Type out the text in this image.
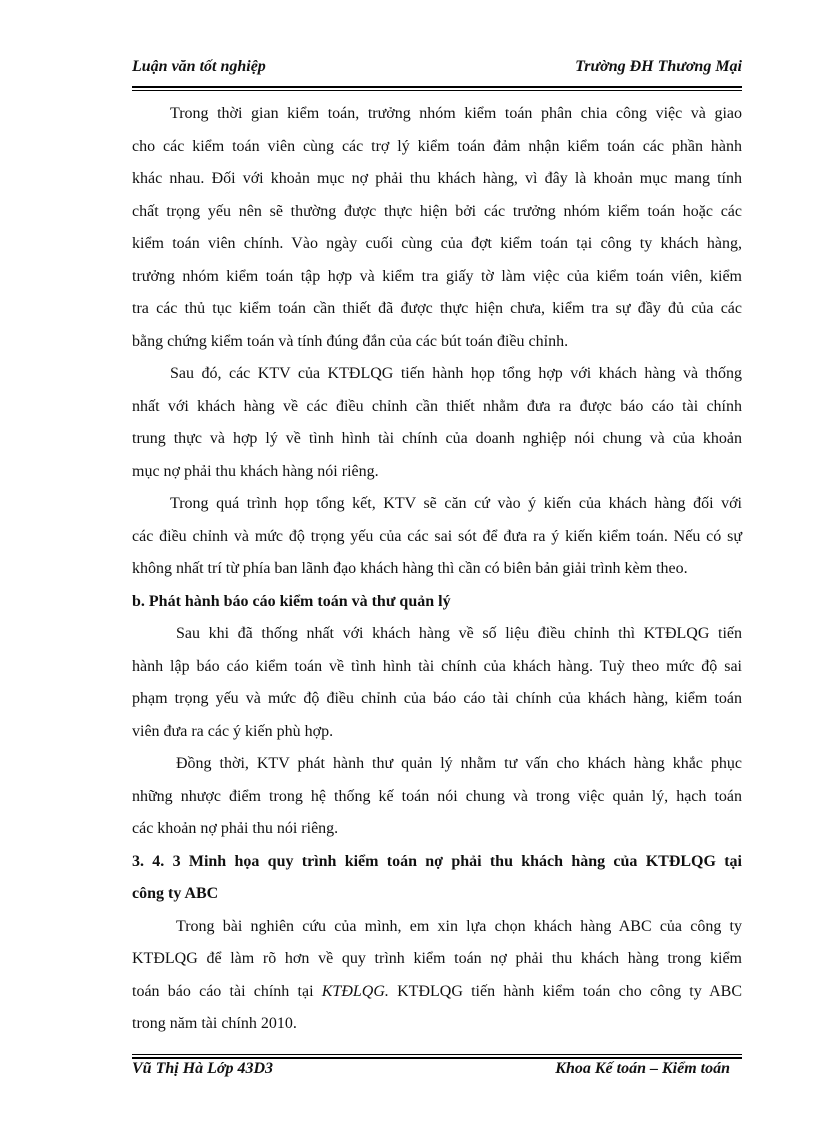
Luận văn tốt nghiệp	Trường ĐH Thương Mại
Trong thời gian kiểm toán, trưởng nhóm kiểm toán phân chia công việc và giao
cho các kiểm toán viên cùng các trợ lý kiểm toán đảm nhận kiểm toán các phần hành
khác nhau. Đối với khoản mục nợ phải thu khách hàng, vì đây là khoản mục mang tính
chất trọng yếu nên sẽ thường được thực hiện bởi các trưởng nhóm kiểm toán hoặc các
kiểm toán viên chính. Vào ngày cuối cùng của đợt kiểm toán tại công ty khách hàng,
trưởng nhóm kiểm toán tập hợp và kiểm tra giấy tờ làm việc của kiểm toán viên, kiểm
tra các thủ tục kiểm toán cần thiết đã được thực hiện chưa, kiểm tra sự đầy đủ của các
bằng chứng kiểm toán và tính đúng đắn của các bút toán điều chỉnh.
Sau đó, các KTV của KTĐLQG tiến hành họp tổng hợp với khách hàng và thống
nhất với khách hàng về các điều chỉnh cần thiết nhằm đưa ra được báo cáo tài chính
trung thực và hợp lý về tình hình tài chính của doanh nghiệp nói chung và của khoản
mục nợ phải thu khách hàng nói riêng.
Trong quá trình họp tổng kết, KTV sẽ căn cứ vào ý kiến của khách hàng đối với
các điều chỉnh và mức độ trọng yếu của các sai sót để đưa ra ý kiến kiểm toán. Nếu có sự
không nhất trí từ phía ban lãnh đạo khách hàng thì cần có biên bản giải trình kèm theo.
b. Phát hành báo cáo kiểm toán và thư quản lý
Sau khi đã thống nhất với khách hàng về số liệu điều chỉnh thì KTĐLQG tiến
hành lập báo cáo kiểm toán về tình hình tài chính của khách hàng. Tuỳ theo mức độ sai
phạm trọng yếu và mức độ điều chỉnh của báo cáo tài chính của khách hàng, kiểm toán
viên đưa ra các ý kiến phù hợp.
Đồng thời, KTV phát hành thư quản lý nhằm tư vấn cho khách hàng khắc phục
những nhược điểm trong hệ thống kế toán nói chung và trong việc quản lý, hạch toán
các khoản nợ phải thu nói riêng.
3. 4. 3 Minh họa quy trình kiểm toán nợ phải thu khách hàng của KTĐLQG tại
công ty ABC
Trong bài nghiên cứu của mình, em xin lựa chọn khách hàng ABC của công ty
KTĐLQG để làm rõ hơn về quy trình kiểm toán nợ phải thu khách hàng trong kiểm
toán báo cáo tài chính tại KTĐLQG. KTĐLQG tiến hành kiểm toán cho công ty ABC
trong năm tài chính 2010.
Vũ Thị Hà Lớp 43D3	Khoa Kế toán – Kiểm toán
